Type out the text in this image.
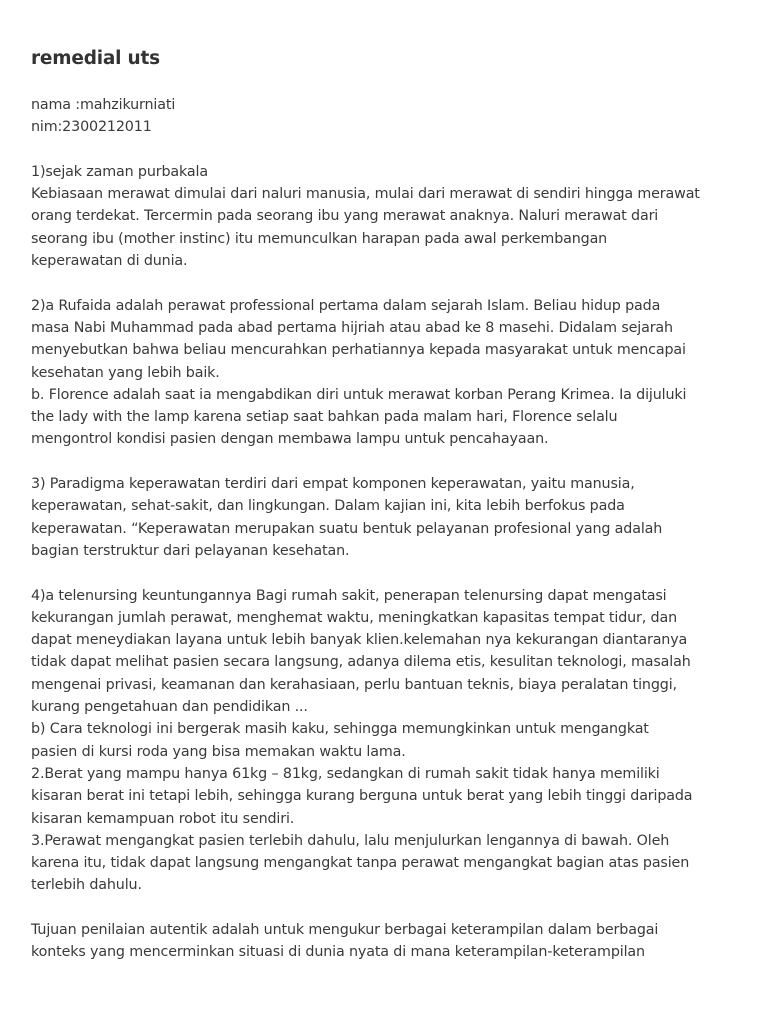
remedial uts

nama :mahzikurniati

nim:2300212011

1)sejak zaman purbakala

Kebiasaan merawat dimulai dari naluri manusia, mulai dari merawat di sendiri hingga merawat

orang terdekat. Tercermin pada seorang ibu yang merawat anaknya. Naluri merawat dari

seorang ibu (mother instinc) itu memunculkan harapan pada awal perkembangan

keperawatan di dunia.

2)a Rufaida adalah perawat professional pertama dalam sejarah Islam. Beliau hidup pada

masa Nabi Muhammad pada abad pertama hijriah atau abad ke 8 masehi. Didalam sejarah

menyebutkan bahwa beliau mencurahkan perhatiannya kepada masyarakat untuk mencapai

kesehatan yang lebih baik.

b. Florence adalah saat ia mengabdikan diri untuk merawat korban Perang Krimea. Ia dijuluki

the lady with the lamp karena setiap saat bahkan pada malam hari, Florence selalu

mengontrol kondisi pasien dengan membawa lampu untuk pencahayaan.

3) Paradigma keperawatan terdiri dari empat komponen keperawatan, yaitu manusia,

keperawatan, sehat-sakit, dan lingkungan. Dalam kajian ini, kita lebih berfokus pada

keperawatan. “Keperawatan merupakan suatu bentuk pelayanan profesional yang adalah

bagian terstruktur dari pelayanan kesehatan.

4)a telenursing keuntungannya Bagi rumah sakit, penerapan telenursing dapat mengatasi

kekurangan jumlah perawat, menghemat waktu, meningkatkan kapasitas tempat tidur, dan

dapat meneydiakan layana untuk lebih banyak klien.kelemahan nya kekurangan diantaranya

tidak dapat melihat pasien secara langsung, adanya dilema etis, kesulitan teknologi, masalah

mengenai privasi, keamanan dan kerahasiaan, perlu bantuan teknis, biaya peralatan tinggi,

kurang pengetahuan dan pendidikan ...

b) Cara teknologi ini bergerak masih kaku, sehingga memungkinkan untuk mengangkat

pasien di kursi roda yang bisa memakan waktu lama.

2.Berat yang mampu hanya 61kg – 81kg, sedangkan di rumah sakit tidak hanya memiliki

kisaran berat ini tetapi lebih, sehingga kurang berguna untuk berat yang lebih tinggi daripada

kisaran kemampuan robot itu sendiri.

3.Perawat mengangkat pasien terlebih dahulu, lalu menjulurkan lengannya di bawah. Oleh

karena itu, tidak dapat langsung mengangkat tanpa perawat mengangkat bagian atas pasien

terlebih dahulu.

Tujuan penilaian autentik adalah untuk mengukur berbagai keterampilan dalam berbagai

konteks yang mencerminkan situasi di dunia nyata di mana keterampilan-keterampilan
